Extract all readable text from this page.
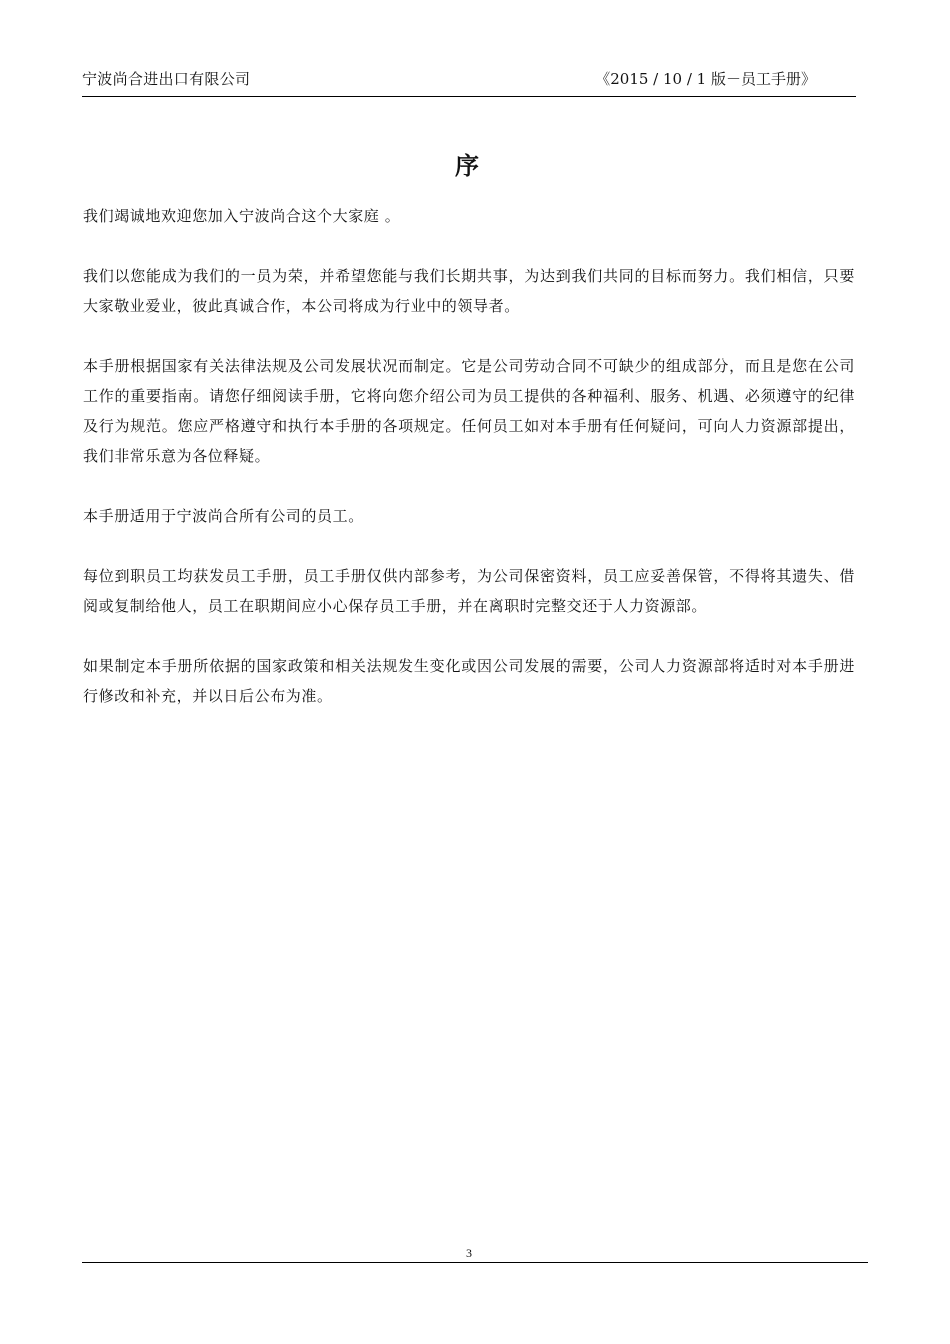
宁波尚合进出口有限公司	《2015 / 10 / 1 版－员工手册》
序

我们竭诚地欢迎您加入宁波尚合这个大家庭 。

我们以您能成为我们的一员为荣，并希望您能与我们长期共事，为达到我们共同的目标而努力。我们相信，只要大家敬业爱业，彼此真诚合作，本公司将成为行业中的领导者。

本手册根据国家有关法律法规及公司发展状况而制定。它是公司劳动合同不可缺少的组成部分，而且是您在公司工作的重要指南。请您仔细阅读手册，它将向您介绍公司为员工提供的各种福利、服务、机遇、必须遵守的纪律及行为规范。您应严格遵守和执行本手册的各项规定。任何员工如对本手册有任何疑问，可向人力资源部提出，我们非常乐意为各位释疑。

本手册适用于宁波尚合所有公司的员工。

每位到职员工均获发员工手册，员工手册仅供内部参考，为公司保密资料，员工应妥善保管，不得将其遗失、借阅或复制给他人，员工在职期间应小心保存员工手册，并在离职时完整交还于人力资源部。

如果制定本手册所依据的国家政策和相关法规发生变化或因公司发展的需要，公司人力资源部将适时对本手册进行修改和补充，并以日后公布为准。

3
